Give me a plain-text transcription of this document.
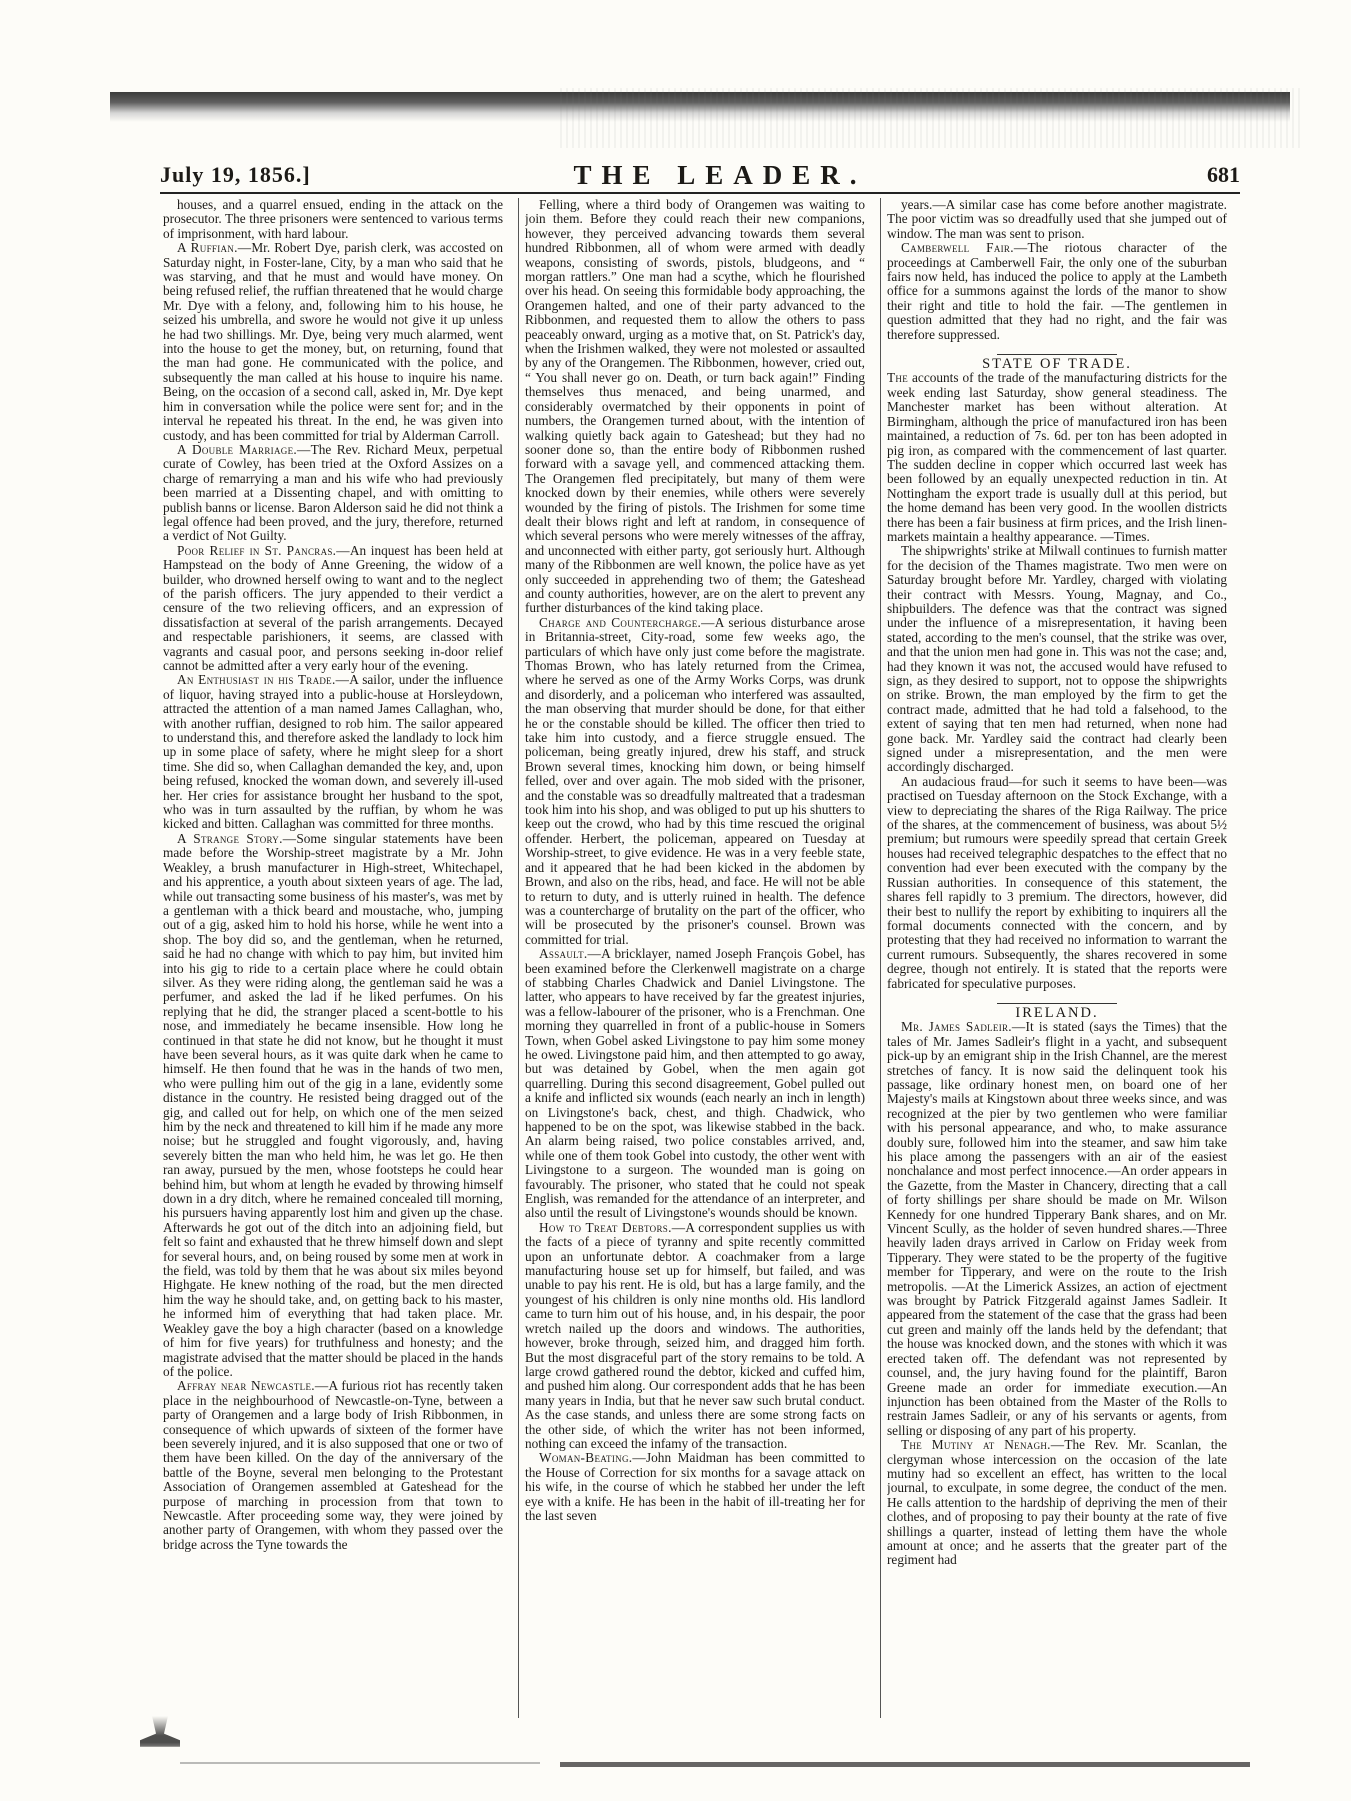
July 19, 1856.]	THE LEADER.	681

houses, and a quarrel ensued, ending in the attack on the prosecutor. The three prisoners were sentenced to various terms of imprisonment, with hard labour.

A Ruffian.—Mr. Robert Dye, parish clerk, was accosted on Saturday night, in Foster-lane, City, by a man who said that he was starving, and that he must and would have money. On being refused relief, the ruffian threatened that he would charge Mr. Dye with a felony, and, following him to his house, he seized his umbrella, and swore he would not give it up unless he had two shillings. Mr. Dye, being very much alarmed, went into the house to get the money, but, on returning, found that the man had gone. He communicated with the police, and subsequently the man called at his house to inquire his name. Being, on the occasion of a second call, asked in, Mr. Dye kept him in conversation while the police were sent for; and in the interval he repeated his threat. In the end, he was given into custody, and has been committed for trial by Alderman Carroll.

A Double Marriage.—The Rev. Richard Meux, perpetual curate of Cowley, has been tried at the Oxford Assizes on a charge of remarrying a man and his wife who had previously been married at a Dissenting chapel, and with omitting to publish banns or license. Baron Alderson said he did not think a legal offence had been proved, and the jury, therefore, returned a verdict of Not Guilty.

Poor Relief in St. Pancras.—An inquest has been held at Hampstead on the body of Anne Greening, the widow of a builder, who drowned herself owing to want and to the neglect of the parish officers. The jury appended to their verdict a censure of the two relieving officers, and an expression of dissatisfaction at several of the parish arrangements. Decayed and respectable parishioners, it seems, are classed with vagrants and casual poor, and persons seeking in-door relief cannot be admitted after a very early hour of the evening.

An Enthusiast in his Trade.—A sailor, under the influence of liquor, having strayed into a public-house at Horsleydown, attracted the attention of a man named James Callaghan, who, with another ruffian, designed to rob him. The sailor appeared to understand this, and therefore asked the landlady to lock him up in some place of safety, where he might sleep for a short time. She did so, when Callaghan demanded the key, and, upon being refused, knocked the woman down, and severely ill-used her. Her cries for assistance brought her husband to the spot, who was in turn assaulted by the ruffian, by whom he was kicked and bitten. Callaghan was committed for three months.

A Strange Story.—Some singular statements have been made before the Worship-street magistrate by a Mr. John Weakley, a brush manufacturer in High-street, Whitechapel, and his apprentice, a youth about sixteen years of age. The lad, while out transacting some business of his master's, was met by a gentleman with a thick beard and moustache, who, jumping out of a gig, asked him to hold his horse, while he went into a shop. The boy did so, and the gentleman, when he returned, said he had no change with which to pay him, but invited him into his gig to ride to a certain place where he could obtain silver. As they were riding along, the gentleman said he was a perfumer, and asked the lad if he liked perfumes. On his replying that he did, the stranger placed a scent-bottle to his nose, and immediately he became insensible. How long he continued in that state he did not know, but he thought it must have been several hours, as it was quite dark when he came to himself. He then found that he was in the hands of two men, who were pulling him out of the gig in a lane, evidently some distance in the country. He resisted being dragged out of the gig, and called out for help, on which one of the men seized him by the neck and threatened to kill him if he made any more noise; but he struggled and fought vigorously, and, having severely bitten the man who held him, he was let go. He then ran away, pursued by the men, whose footsteps he could hear behind him, but whom at length he evaded by throwing himself down in a dry ditch, where he remained concealed till morning, his pursuers having apparently lost him and given up the chase. Afterwards he got out of the ditch into an adjoining field, but felt so faint and exhausted that he threw himself down and slept for several hours, and, on being roused by some men at work in the field, was told by them that he was about six miles beyond Highgate. He knew nothing of the road, but the men directed him the way he should take, and, on getting back to his master, he informed him of everything that had taken place. Mr. Weakley gave the boy a high character (based on a knowledge of him for five years) for truthfulness and honesty; and the magistrate advised that the matter should be placed in the hands of the police.

Affray near Newcastle.—A furious riot has recently taken place in the neighbourhood of Newcastle-on-Tyne, between a party of Orangemen and a large body of Irish Ribbonmen, in consequence of which upwards of sixteen of the former have been severely injured, and it is also supposed that one or two of them have been killed. On the day of the anniversary of the battle of the Boyne, several men belonging to the Protestant Association of Orangemen assembled at Gateshead for the purpose of marching in procession from that town to Newcastle. After proceeding some way, they were joined by another party of Orangemen, with whom they passed over the bridge across the Tyne towards the

Felling, where a third body of Orangemen was waiting to join them. Before they could reach their new companions, however, they perceived advancing towards them several hundred Ribbonmen, all of whom were armed with deadly weapons, consisting of swords, pistols, bludgeons, and “ morgan rattlers.” One man had a scythe, which he flourished over his head. On seeing this formidable body approaching, the Orangemen halted, and one of their party advanced to the Ribbonmen, and requested them to allow the others to pass peaceably onward, urging as a motive that, on St. Patrick's day, when the Irishmen walked, they were not molested or assaulted by any of the Orangemen. The Ribbonmen, however, cried out, “ You shall never go on. Death, or turn back again!” Finding themselves thus menaced, and being unarmed, and considerably overmatched by their opponents in point of numbers, the Orangemen turned about, with the intention of walking quietly back again to Gateshead; but they had no sooner done so, than the entire body of Ribbonmen rushed forward with a savage yell, and commenced attacking them. The Orangemen fled precipitately, but many of them were knocked down by their enemies, while others were severely wounded by the firing of pistols. The Irishmen for some time dealt their blows right and left at random, in consequence of which several persons who were merely witnesses of the affray, and unconnected with either party, got seriously hurt. Although many of the Ribbonmen are well known, the police have as yet only succeeded in apprehending two of them; the Gateshead and county authorities, however, are on the alert to prevent any further disturbances of the kind taking place.

Charge and Countercharge.—A serious disturbance arose in Britannia-street, City-road, some few weeks ago, the particulars of which have only just come before the magistrate. Thomas Brown, who has lately returned from the Crimea, where he served as one of the Army Works Corps, was drunk and disorderly, and a policeman who interfered was assaulted, the man observing that murder should be done, for that either he or the constable should be killed. The officer then tried to take him into custody, and a fierce struggle ensued. The policeman, being greatly injured, drew his staff, and struck Brown several times, knocking him down, or being himself felled, over and over again. The mob sided with the prisoner, and the constable was so dreadfully maltreated that a tradesman took him into his shop, and was obliged to put up his shutters to keep out the crowd, who had by this time rescued the original offender. Herbert, the policeman, appeared on Tuesday at Worship-street, to give evidence. He was in a very feeble state, and it appeared that he had been kicked in the abdomen by Brown, and also on the ribs, head, and face. He will not be able to return to duty, and is utterly ruined in health. The defence was a countercharge of brutality on the part of the officer, who will be prosecuted by the prisoner's counsel. Brown was committed for trial.

Assault.—A bricklayer, named Joseph François Gobel, has been examined before the Clerkenwell magistrate on a charge of stabbing Charles Chadwick and Daniel Livingstone. The latter, who appears to have received by far the greatest injuries, was a fellow-labourer of the prisoner, who is a Frenchman. One morning they quarrelled in front of a public-house in Somers Town, when Gobel asked Livingstone to pay him some money he owed. Livingstone paid him, and then attempted to go away, but was detained by Gobel, when the men again got quarrelling. During this second disagreement, Gobel pulled out a knife and inflicted six wounds (each nearly an inch in length) on Livingstone's back, chest, and thigh. Chadwick, who happened to be on the spot, was likewise stabbed in the back. An alarm being raised, two police constables arrived, and, while one of them took Gobel into custody, the other went with Livingstone to a surgeon. The wounded man is going on favourably. The prisoner, who stated that he could not speak English, was remanded for the attendance of an interpreter, and also until the result of Livingstone's wounds should be known.

How to Treat Debtors.—A correspondent supplies us with the facts of a piece of tyranny and spite recently committed upon an unfortunate debtor. A coachmaker from a large manufacturing house set up for himself, but failed, and was unable to pay his rent. He is old, but has a large family, and the youngest of his children is only nine months old. His landlord came to turn him out of his house, and, in his despair, the poor wretch nailed up the doors and windows. The authorities, however, broke through, seized him, and dragged him forth. But the most disgraceful part of the story remains to be told. A large crowd gathered round the debtor, kicked and cuffed him, and pushed him along. Our correspondent adds that he has been many years in India, but that he never saw such brutal conduct. As the case stands, and unless there are some strong facts on the other side, of which the writer has not been informed, nothing can exceed the infamy of the transaction.

Woman-Beating.—John Maidman has been committed to the House of Correction for six months for a savage attack on his wife, in the course of which he stabbed her under the left eye with a knife. He has been in the habit of ill-treating her for the last seven

years.—A similar case has come before another magistrate. The poor victim was so dreadfully used that she jumped out of window. The man was sent to prison.

Camberwell Fair.—The riotous character of the proceedings at Camberwell Fair, the only one of the suburban fairs now held, has induced the police to apply at the Lambeth office for a summons against the lords of the manor to show their right and title to hold the fair. —The gentlemen in question admitted that they had no right, and the fair was therefore suppressed.

STATE OF TRADE.

The accounts of the trade of the manufacturing districts for the week ending last Saturday, show general steadiness. The Manchester market has been without alteration. At Birmingham, although the price of manufactured iron has been maintained, a reduction of 7s. 6d. per ton has been adopted in pig iron, as compared with the commencement of last quarter. The sudden decline in copper which occurred last week has been followed by an equally unexpected reduction in tin. At Nottingham the export trade is usually dull at this period, but the home demand has been very good. In the woollen districts there has been a fair business at firm prices, and the Irish linen-markets maintain a healthy appearance. —Times.

The shipwrights' strike at Milwall continues to furnish matter for the decision of the Thames magistrate. Two men were on Saturday brought before Mr. Yardley, charged with violating their contract with Messrs. Young, Magnay, and Co., shipbuilders. The defence was that the contract was signed under the influence of a misrepresentation, it having been stated, according to the men's counsel, that the strike was over, and that the union men had gone in. This was not the case; and, had they known it was not, the accused would have refused to sign, as they desired to support, not to oppose the shipwrights on strike. Brown, the man employed by the firm to get the contract made, admitted that he had told a falsehood, to the extent of saying that ten men had returned, when none had gone back. Mr. Yardley said the contract had clearly been signed under a misrepresentation, and the men were accordingly discharged.

An audacious fraud—for such it seems to have been—was practised on Tuesday afternoon on the Stock Exchange, with a view to depreciating the shares of the Riga Railway. The price of the shares, at the commencement of business, was about 5½ premium; but rumours were speedily spread that certain Greek houses had received telegraphic despatches to the effect that no convention had ever been executed with the company by the Russian authorities. In consequence of this statement, the shares fell rapidly to 3 premium. The directors, however, did their best to nullify the report by exhibiting to inquirers all the formal documents connected with the concern, and by protesting that they had received no information to warrant the current rumours. Subsequently, the shares recovered in some degree, though not entirely. It is stated that the reports were fabricated for speculative purposes.

IRELAND.

Mr. James Sadleir.—It is stated (says the Times) that the tales of Mr. James Sadleir's flight in a yacht, and subsequent pick-up by an emigrant ship in the Irish Channel, are the merest stretches of fancy. It is now said the delinquent took his passage, like ordinary honest men, on board one of her Majesty's mails at Kingstown about three weeks since, and was recognized at the pier by two gentlemen who were familiar with his personal appearance, and who, to make assurance doubly sure, followed him into the steamer, and saw him take his place among the passengers with an air of the easiest nonchalance and most perfect innocence.—An order appears in the Gazette, from the Master in Chancery, directing that a call of forty shillings per share should be made on Mr. Wilson Kennedy for one hundred Tipperary Bank shares, and on Mr. Vincent Scully, as the holder of seven hundred shares.—Three heavily laden drays arrived in Carlow on Friday week from Tipperary. They were stated to be the property of the fugitive member for Tipperary, and were on the route to the Irish metropolis. —At the Limerick Assizes, an action of ejectment was brought by Patrick Fitzgerald against James Sadleir. It appeared from the statement of the case that the grass had been cut green and mainly off the lands held by the defendant; that the house was knocked down, and the stones with which it was erected taken off. The defendant was not represented by counsel, and, the jury having found for the plaintiff, Baron Greene made an order for immediate execution.—An injunction has been obtained from the Master of the Rolls to restrain James Sadleir, or any of his servants or agents, from selling or disposing of any part of his property.

The Mutiny at Nenagh.—The Rev. Mr. Scanlan, the clergyman whose intercession on the occasion of the late mutiny had so excellent an effect, has written to the local journal, to exculpate, in some degree, the conduct of the men. He calls attention to the hardship of depriving the men of their clothes, and of proposing to pay their bounty at the rate of five shillings a quarter, instead of letting them have the whole amount at once; and he asserts that the greater part of the regiment had
